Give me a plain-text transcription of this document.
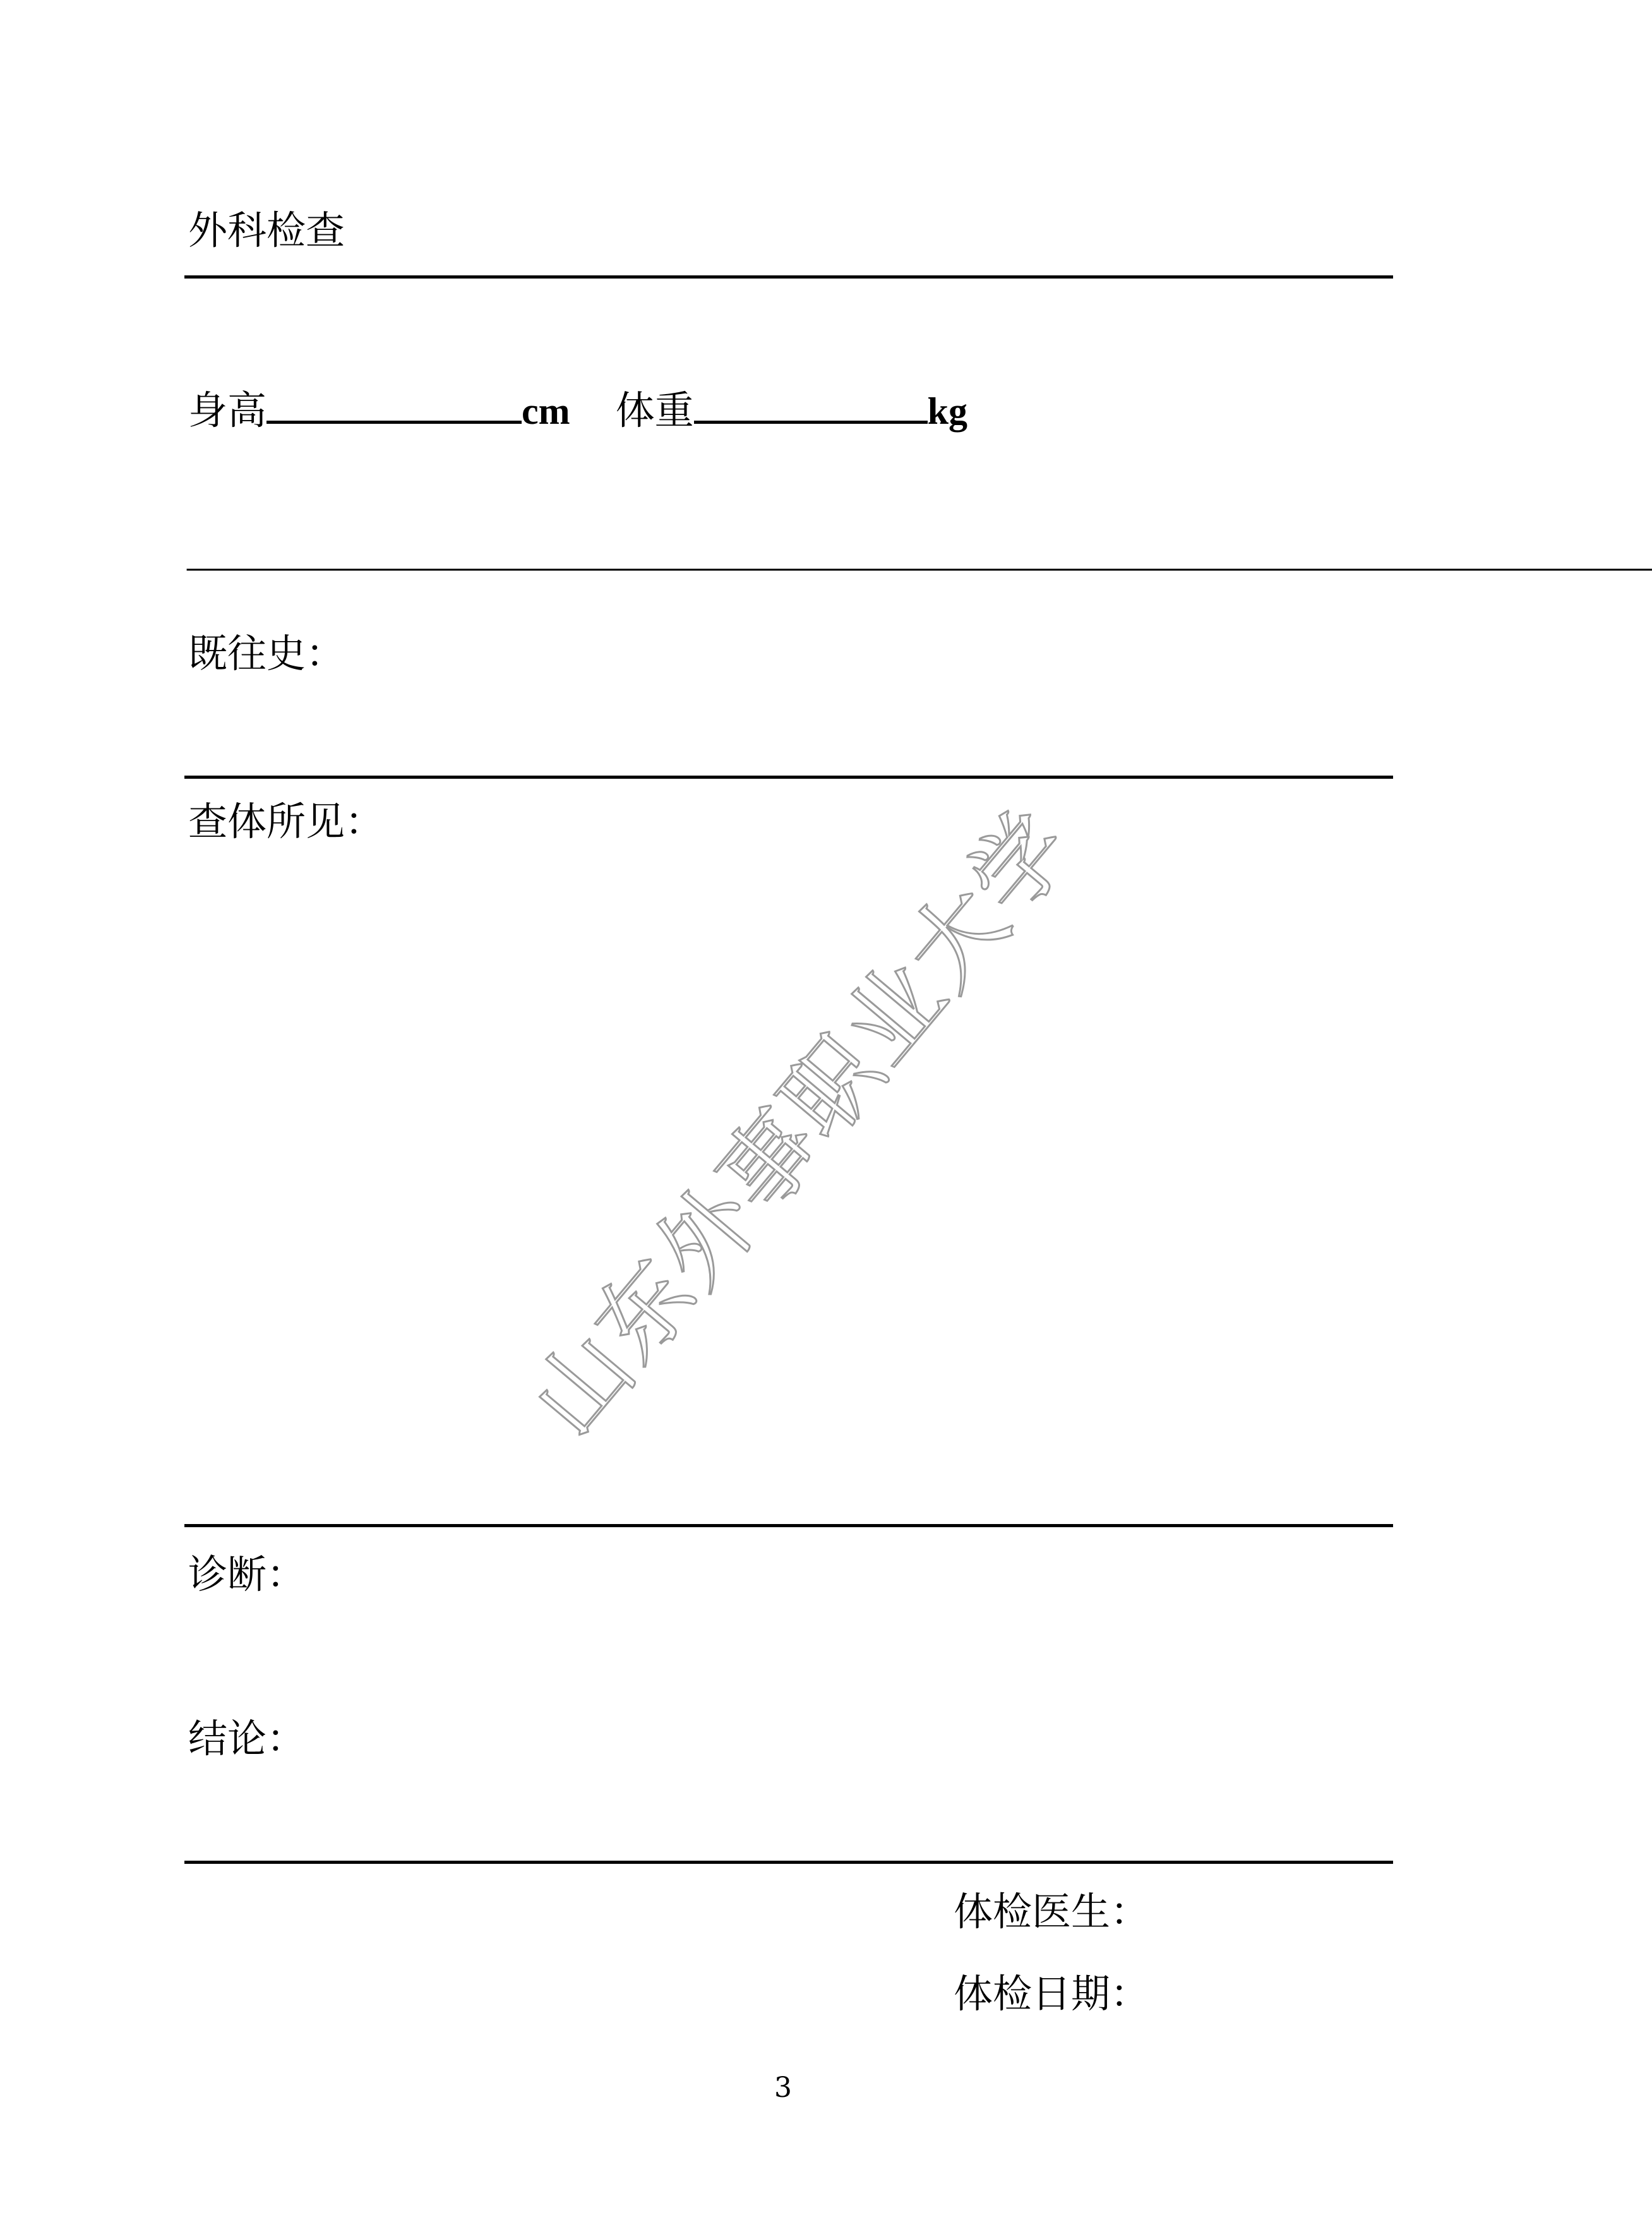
山东外事职业大学
外科检查
身高	cm 体重	kg
————————————————————————————————————————
既往史：
查体所见：
诊断：
结论：
体检医生：
体检日期：
3
